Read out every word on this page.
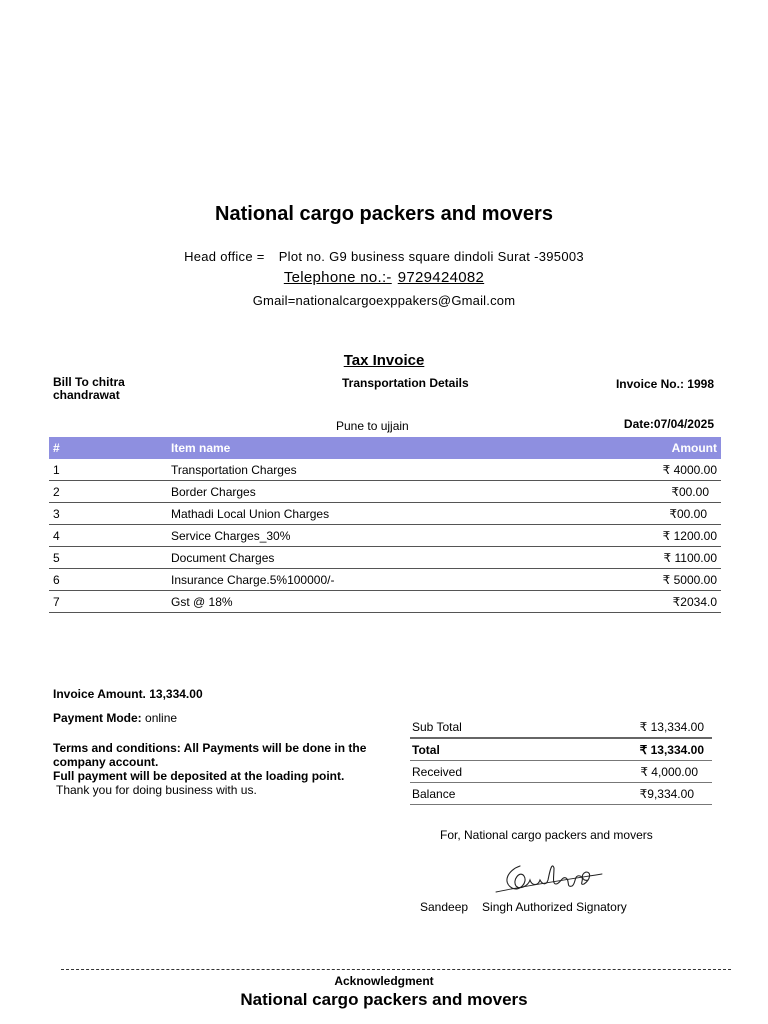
National cargo packers and movers
Head office = Plot no. G9 business square dindoli Surat -395003
Telephone no.:- 9729424082
Gmail=nationalcargoexppakers@Gmail.com
Tax Invoice
Bill To chitra chandrawat
Transportation Details
Pune to ujjain
Invoice No.: 1998
Date:07/04/2025
#	Item name	Amount
1	Transportation Charges	₹ 4000.00
2	Border Charges	₹00.00
3	Mathadi Local Union Charges	₹00.00
4	Service Charges_30%	₹ 1200.00
5	Document Charges	₹ 1100.00
6	Insurance Charge.5%100000/-	₹ 5000.00
7	Gst @ 18%	₹2034.0
Invoice Amount. 13,334.00
Payment Mode: online
Terms and conditions: All Payments will be done in the company account.
Full payment will be deposited at the loading point.
Thank you for doing business with us.
Sub Total	₹ 13,334.00
Total	₹ 13,334.00
Received	₹ 4,000.00
Balance	₹9,334.00
For, National cargo packers and movers
Sandeep Singh Authorized Signatory
Acknowledgment
National cargo packers and movers
